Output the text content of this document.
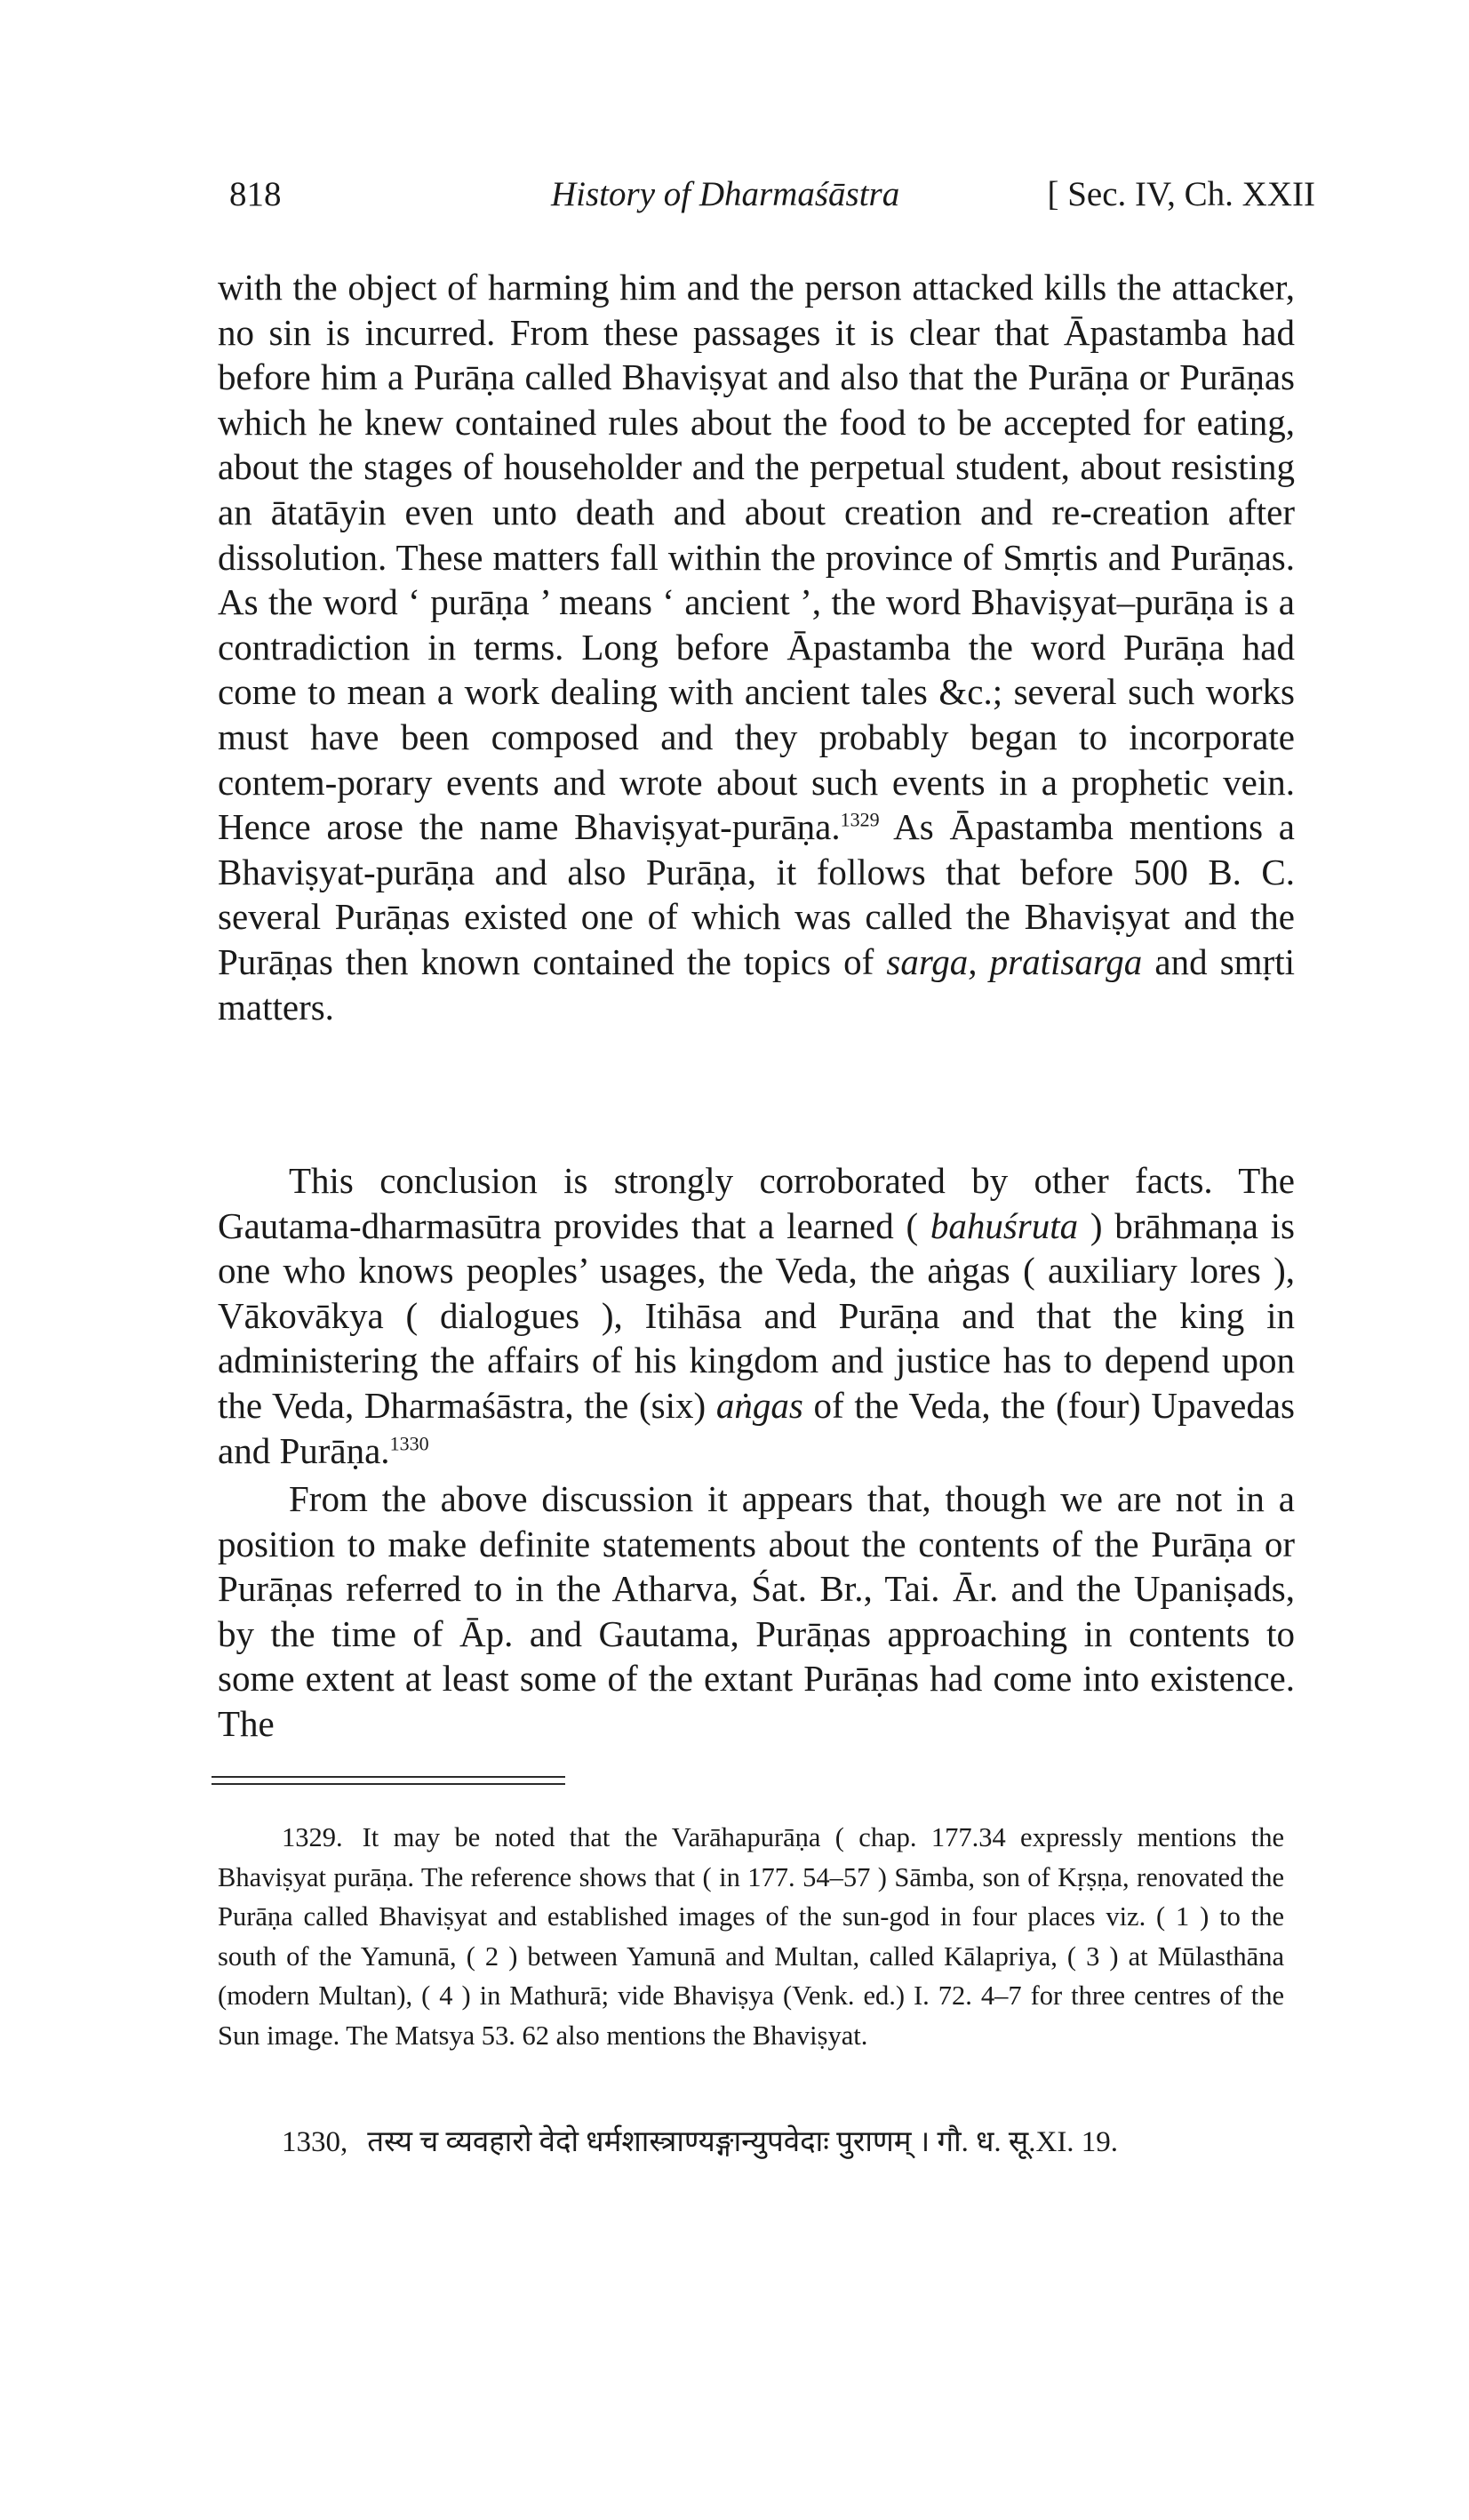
818	History of Dharmaśāstra	[ Sec. IV, Ch. XXII

with the object of harming him and the person attacked kills the attacker, no sin is incurred. From these passages it is clear that Āpastamba had before him a Purāṇa called Bhaviṣyat and also that the Purāṇa or Purāṇas which he knew contained rules about the food to be accepted for eating, about the stages of householder and the perpetual student, about resisting an ātatāyin even unto death and about creation and re-creation after dissolution. These matters fall within the province of Smṛtis and Purāṇas. As the word ‘ purāṇa ’ means ‘ ancient ’, the word Bhaviṣyat–purāṇa is a contradiction in terms. Long before Āpastamba the word Purāṇa had come to mean a work dealing with ancient tales &c.; several such works must have been composed and they probably began to incorporate contem-porary events and wrote about such events in a prophetic vein. Hence arose the name Bhaviṣyat-purāṇa.$^{1329}$ As Āpastamba mentions a Bhaviṣyat-purāṇa and also Purāṇa, it follows that before 500 B. C. several Purāṇas existed one of which was called the Bhaviṣyat and the Purāṇas then known contained the topics of sarga, pratisarga and smṛti matters.

This conclusion is strongly corroborated by other facts. The Gautama-dharmasūtra provides that a learned ( bahuśruta ) brāhmaṇa is one who knows peoples’ usages, the Veda, the aṅgas ( auxiliary lores ), Vākovākya ( dialogues ), Itihāsa and Purāṇa and that the king in administering the affairs of his kingdom and justice has to depend upon the Veda, Dharmaśāstra, the (six) aṅgas of the Veda, the (four) Upavedas and Purāṇa.$^{1330}$

From the above discussion it appears that, though we are not in a position to make definite statements about the contents of the Purāṇa or Purāṇas referred to in the Atharva, Śat. Br., Tai. Ār. and the Upaniṣads, by the time of Āp. and Gautama, Purāṇas approaching in contents to some extent at least some of the extant Purāṇas had come into existence. The

1329. It may be noted that the Varāhapurāṇa ( chap. 177.34 expressly mentions the Bhaviṣyat purāṇa. The reference shows that ( in 177. 54–57 ) Sāmba, son of Kṛṣṇa, renovated the Purāṇa called Bhaviṣyat and established images of the sun-god in four places viz. ( 1 ) to the south of the Yamunā, ( 2 ) between Yamunā and Multan, called Kālapriya, ( 3 ) at Mūlasthāna (modern Multan), ( 4 ) in Mathurā; vide Bhaviṣya (Venk. ed.) I. 72. 4–7 for three centres of the Sun image. The Matsya 53. 62 also mentions the Bhaviṣyat.
1330, तस्य च व्यवहारो वेदो धर्मशास्त्राण्यङ्गान्युपवेदाः पुराणम् । गौ. ध. सू.XI. 19.
